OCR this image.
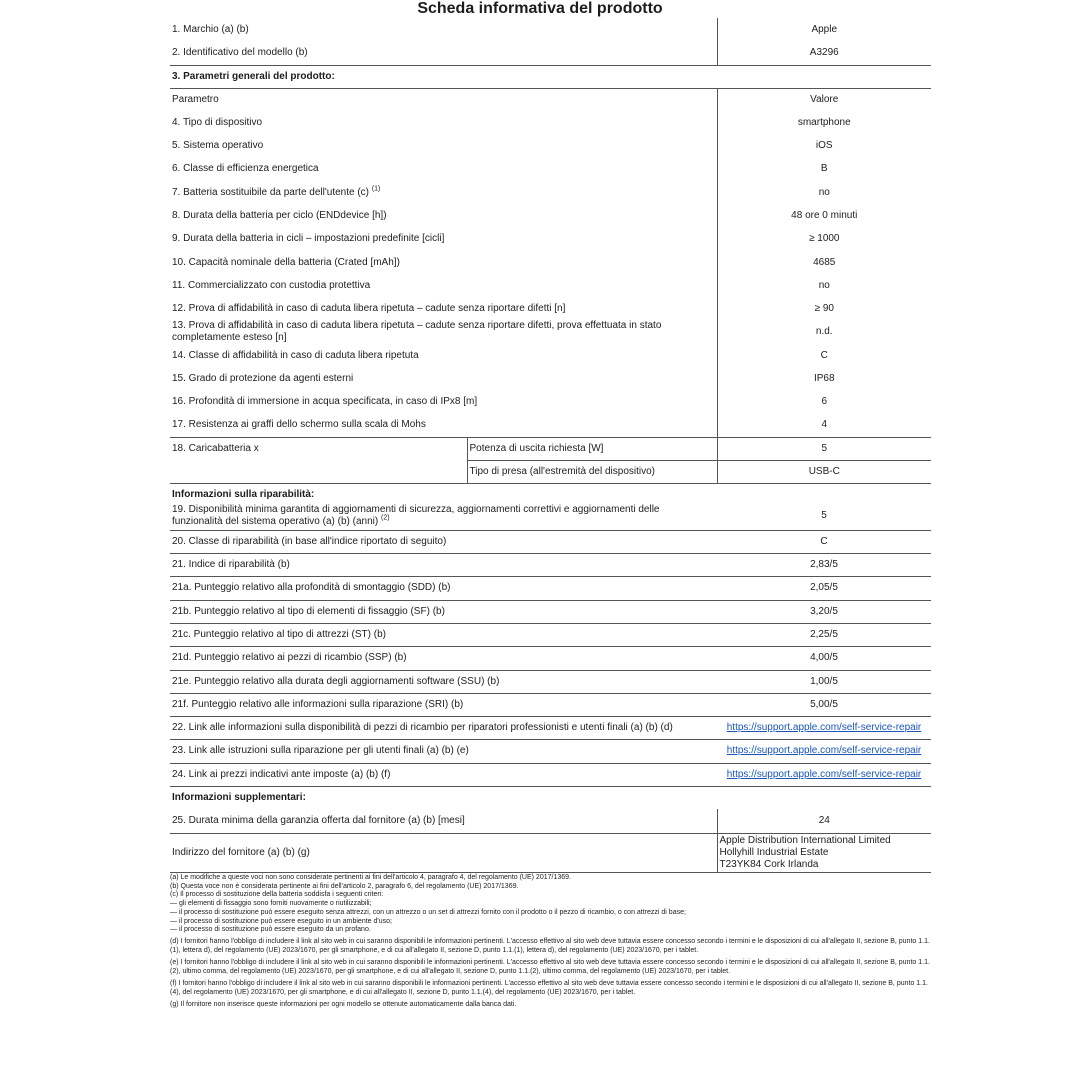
Scheda informativa del prodotto
1. Marchio (a) (b)		Apple
2. Identificativo del modello (b)		A3296
3. Parametri generali del prodotto:		
Parametro		Valore
4. Tipo di dispositivo		smartphone
5. Sistema operativo		iOS
6. Classe di efficienza energetica		B
7. Batteria sostituibile da parte dell'utente (c) $^{(1)}$		no
8. Durata della batteria per ciclo (ENDdevice [h])		48 ore 0 minuti
9. Durata della batteria in cicli – impostazioni predefinite [cicli]		≥ 1000
10. Capacità nominale della batteria (Crated [mAh])		4685
11. Commercializzato con custodia protettiva		no
12. Prova di affidabilità in caso di caduta libera ripetuta – cadute senza riportare difetti [n]		≥ 90
13. Prova di affidabilità in caso di caduta libera ripetuta – cadute senza riportare difetti, prova effettuata in stato completamente esteso [n]		n.d.
14. Classe di affidabilità in caso di caduta libera ripetuta		C
15. Grado di protezione da agenti esterni		IP68
16. Profondità di immersione in acqua specificata, in caso di IPx8 [m]		6
17. Resistenza ai graffi dello schermo sulla scala di Mohs		4
18. Caricabatteria x	Potenza di uscita richiesta [W]	5
	Tipo di presa (all'estremità del dispositivo)	USB-C
Informazioni sulla riparabilità:		
19. Disponibilità minima garantita di aggiornamenti di sicurezza, aggiornamenti correttivi e aggiornamenti delle funzionalità del sistema operativo (a) (b) (anni) $^{(2)}$		5
20. Classe di riparabilità (in base all'indice riportato di seguito)		C
21. Indice di riparabilità (b)		2,83/5
21a. Punteggio relativo alla profondità di smontaggio (SDD) (b)		2,05/5
21b. Punteggio relativo al tipo di elementi di fissaggio (SF) (b)		3,20/5
21c. Punteggio relativo al tipo di attrezzi (ST) (b)		2,25/5
21d. Punteggio relativo ai pezzi di ricambio (SSP) (b)		4,00/5
21e. Punteggio relativo alla durata degli aggiornamenti software (SSU) (b)		1,00/5
21f. Punteggio relativo alle informazioni sulla riparazione (SRI) (b)		5,00/5
22. Link alle informazioni sulla disponibilità di pezzi di ricambio per riparatori professionisti e utenti finali (a) (b) (d)		https://support.apple.com/self-service-repair
23. Link alle istruzioni sulla riparazione per gli utenti finali (a) (b) (e)		https://support.apple.com/self-service-repair
24. Link ai prezzi indicativi ante imposte (a) (b) (f)		https://support.apple.com/self-service-repair
Informazioni supplementari:		
25. Durata minima della garanzia offerta dal fornitore (a) (b) [mesi]		24
Indirizzo del fornitore (a) (b) (g)		Apple Distribution International Limited
Hollyhill Industrial Estate
T23YK84 Cork Irlanda

(a) Le modifiche a queste voci non sono considerate pertinenti ai fini dell'articolo 4, paragrafo 4, del regolamento (UE) 2017/1369.

(b) Questa voce non è considerata pertinente ai fini dell'articolo 2, paragrafo 6, del regolamento (UE) 2017/1369.

(c) Il processo di sostituzione della batteria soddisfa i seguenti criteri:

— gli elementi di fissaggio sono forniti nuovamente o riutilizzabili;

— il processo di sostituzione può essere eseguito senza attrezzi, con un attrezzo o un set di attrezzi fornito con il prodotto o il pezzo di ricambio, o con attrezzi di base;

— il processo di sostituzione può essere eseguito in un ambiente d'uso;

— il processo di sostituzione può essere eseguito da un profano.

(d) I fornitori hanno l'obbligo di includere il link al sito web in cui saranno disponibili le informazioni pertinenti. L'accesso effettivo al sito web deve tuttavia essere concesso secondo i termini e le disposizioni di cui all'allegato II, sezione B, punto 1.1.(1), lettera d), del regolamento (UE) 2023/1670, per gli smartphone, e di cui all'allegato II, sezione D, punto 1.1.(1), lettera d), del regolamento (UE) 2023/1670, per i tablet.

(e) I fornitori hanno l'obbligo di includere il link al sito web in cui saranno disponibili le informazioni pertinenti. L'accesso effettivo al sito web deve tuttavia essere concesso secondo i termini e le disposizioni di cui all'allegato II, sezione B, punto 1.1.(2), ultimo comma, del regolamento (UE) 2023/1670, per gli smartphone, e di cui all'allegato II, sezione D, punto 1.1.(2), ultimo comma, del regolamento (UE) 2023/1670, per i tablet.

(f) I fornitori hanno l'obbligo di includere il link al sito web in cui saranno disponibili le informazioni pertinenti. L'accesso effettivo al sito web deve tuttavia essere concesso secondo i termini e le disposizioni di cui all'allegato II, sezione B, punto 1.1.(4), del regolamento (UE) 2023/1670, per gli smartphone, e di cui all'allegato II, sezione D, punto 1.1.(4), del regolamento (UE) 2023/1670, per i tablet.

(g) Il fornitore non inserisce queste informazioni per ogni modello se ottenute automaticamente dalla banca dati.
